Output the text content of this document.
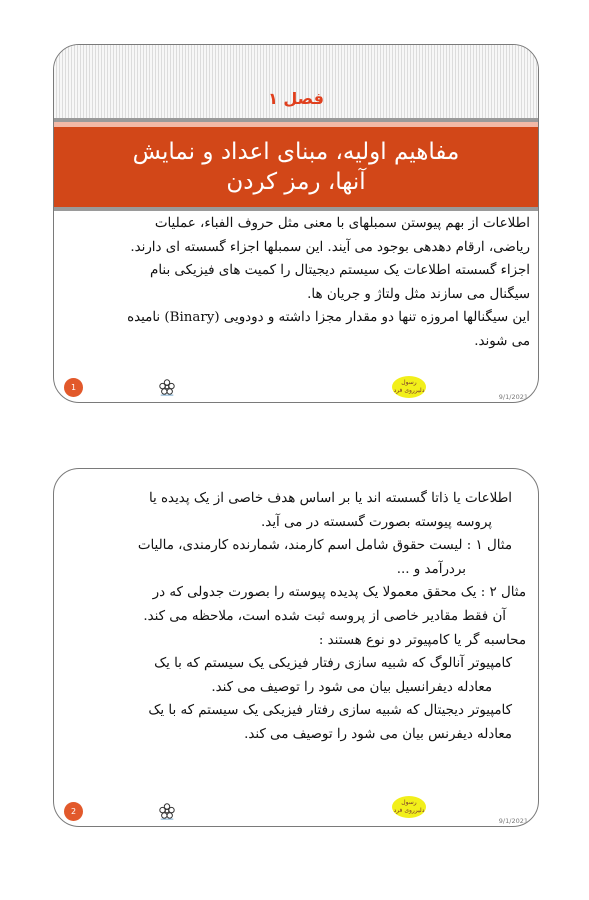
فصل ۱
مفاهیم اولیه، مبنای اعداد و نمایش
آنها، رمز کردن

اطلاعات از بهم پیوستن سمبلهای با معنی مثل حروف الفباء، عملیات

ریاضی، ارقام دهدهی بوجود می آیند. این سمبلها اجزاء گسسته ای دارند.

اجزاء گسسته اطلاعات یک سیستم دیجیتال را کمیت های فیزیکی بنام

سیگنال می سازند مثل ولتاژ و جریان ها.

این سیگنالها امروزه تنها دو مقدار مجزا داشته و دودویی (Binary) نامیده

می شوند.

1
رسول
دلیرروی فرد
9/1/2021

اطلاعات یا ذاتا گسسته اند یا بر اساس هدف خاصی از یک پدیده یا

پروسه پیوسته بصورت گسسته در می آید.

مثال ۱ : لیست حقوق شامل اسم کارمند، شمارنده کارمندی، مالیات

بردرآمد و ...

مثال ۲ : یک محقق معمولا یک پدیده پیوسته را بصورت جدولی که در

آن فقط مقادیر خاصی از پروسه ثبت شده است، ملاحظه می کند.

محاسبه گر یا کامپیوتر دو نوع هستند :

کامپیوتر آنالوگ که شبیه سازی رفتار فیزیکی یک سیستم که با یک

معادله دیفرانسیل بیان می شود را توصیف می کند.

کامپیوتر دیجیتال که شبیه سازی رفتار فیزیکی یک سیستم که با یک

معادله دیفرنس بیان می شود را توصیف می کند.

2
رسول
دلیرروی فرد
9/1/2021
